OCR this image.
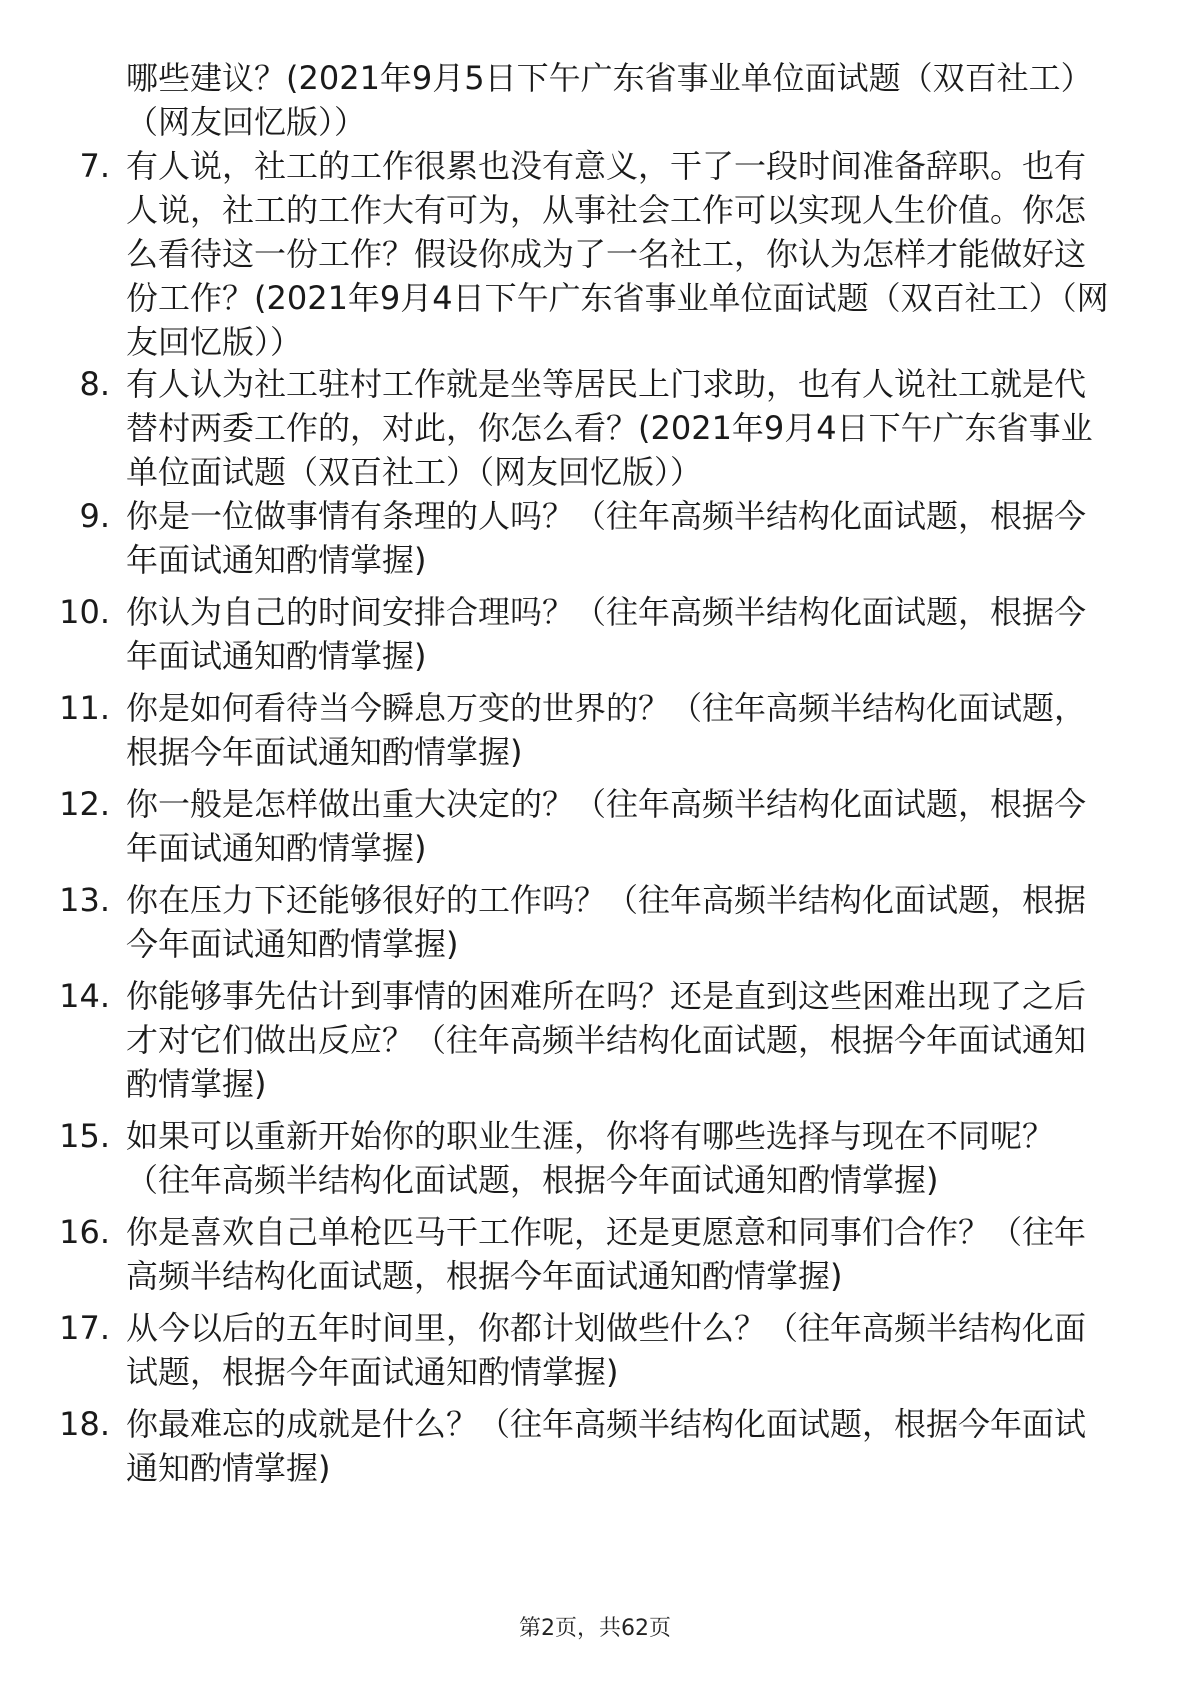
哪些建议？(2021年9月5日下午广东省事业单位面试题（双百社工）（网友回忆版））
7. 有人说，社工的工作很累也没有意义，干了一段时间准备辞职。也有人说，社工的工作大有可为，从事社会工作可以实现人生价值。你怎么看待这一份工作？假设你成为了一名社工，你认为怎样才能做好这份工作？(2021年9月4日下午广东省事业单位面试题（双百社工）（网友回忆版））
8. 有人认为社工驻村工作就是坐等居民上门求助，也有人说社工就是代替村两委工作的，对此，你怎么看？(2021年9月4日下午广东省事业单位面试题（双百社工）（网友回忆版））
9. 你是一位做事情有条理的人吗？（往年高频半结构化面试题，根据今年面试通知酌情掌握)
10. 你认为自己的时间安排合理吗？（往年高频半结构化面试题，根据今年面试通知酌情掌握)
11. 你是如何看待当今瞬息万变的世界的？（往年高频半结构化面试题，根据今年面试通知酌情掌握)
12. 你一般是怎样做出重大决定的？（往年高频半结构化面试题，根据今年面试通知酌情掌握)
13. 你在压力下还能够很好的工作吗？（往年高频半结构化面试题，根据今年面试通知酌情掌握)
14. 你能够事先估计到事情的困难所在吗？还是直到这些困难出现了之后才对它们做出反应？（往年高频半结构化面试题，根据今年面试通知酌情掌握)
15. 如果可以重新开始你的职业生涯，你将有哪些选择与现在不同呢？（往年高频半结构化面试题，根据今年面试通知酌情掌握)
16. 你是喜欢自己单枪匹马干工作呢，还是更愿意和同事们合作？（往年高频半结构化面试题，根据今年面试通知酌情掌握)
17. 从今以后的五年时间里，你都计划做些什么？（往年高频半结构化面试题，根据今年面试通知酌情掌握)
18. 你最难忘的成就是什么？（往年高频半结构化面试题，根据今年面试通知酌情掌握)
第2页，共62页
